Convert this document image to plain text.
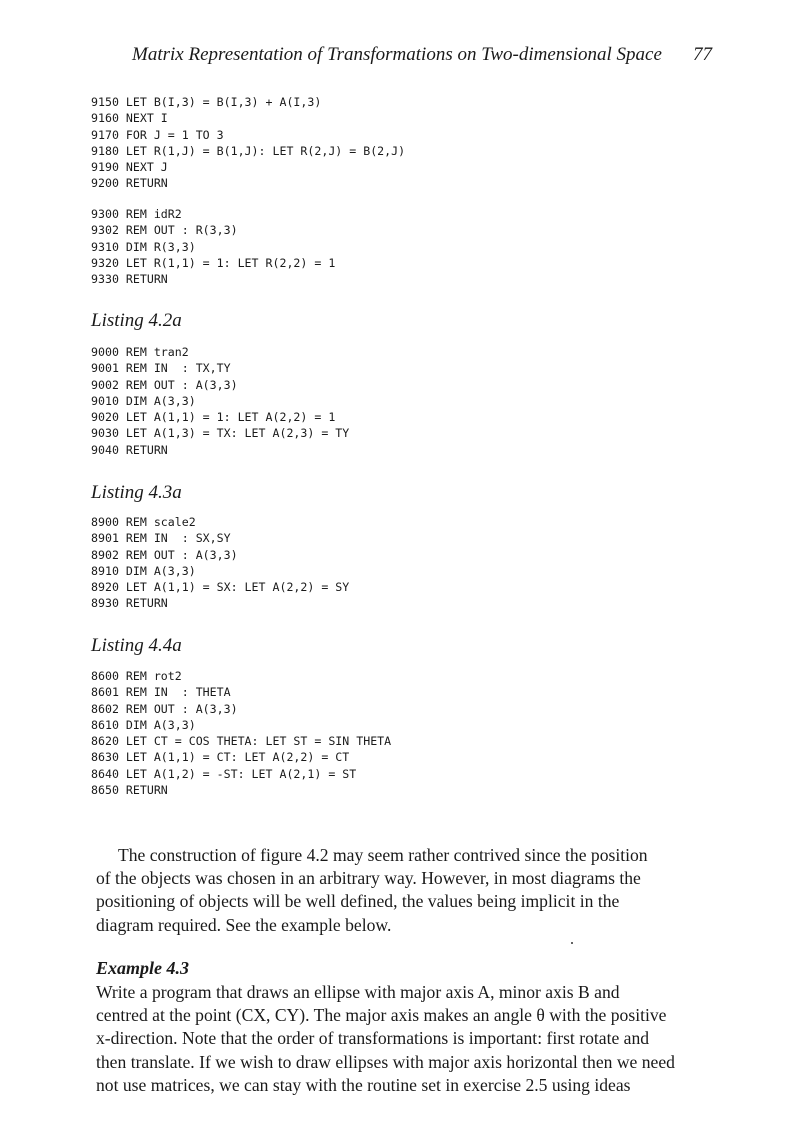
Matrix Representation of Transformations on Two-dimensional Space 77
9150 LET B(I,3) = B(I,3) + A(I,3)
9160 NEXT I
9170 FOR J = 1 TO 3
9180 LET R(1,J) = B(1,J): LET R(2,J) = B(2,J)
9190 NEXT J
9200 RETURN
9300 REM idR2
9302 REM OUT : R(3,3)
9310 DIM R(3,3)
9320 LET R(1,1) = 1: LET R(2,2) = 1
9330 RETURN
Listing 4.2a
9000 REM tran2
9001 REM IN  : TX,TY
9002 REM OUT : A(3,3)
9010 DIM A(3,3)
9020 LET A(1,1) = 1: LET A(2,2) = 1
9030 LET A(1,3) = TX: LET A(2,3) = TY
9040 RETURN
Listing 4.3a
8900 REM scale2
8901 REM IN  : SX,SY
8902 REM OUT : A(3,3)
8910 DIM A(3,3)
8920 LET A(1,1) = SX: LET A(2,2) = SY
8930 RETURN
Listing 4.4a
8600 REM rot2
8601 REM IN  : THETA
8602 REM OUT : A(3,3)
8610 DIM A(3,3)
8620 LET CT = COS THETA: LET ST = SIN THETA
8630 LET A(1,1) = CT: LET A(2,2) = CT
8640 LET A(1,2) = -ST: LET A(2,1) = ST
8650 RETURN
The construction of figure 4.2 may seem rather contrived since the position
of the objects was chosen in an arbitrary way. However, in most diagrams the
positioning of objects will be well defined, the values being implicit in the
diagram required. See the example below.
Example 4.3
Write a program that draws an ellipse with major axis A, minor axis B and
centred at the point (CX, CY). The major axis makes an angle θ with the positive
x-direction. Note that the order of transformations is important: first rotate and
then translate. If we wish to draw ellipses with major axis horizontal then we need
not use matrices, we can stay with the routine set in exercise 2.5 using ideas
